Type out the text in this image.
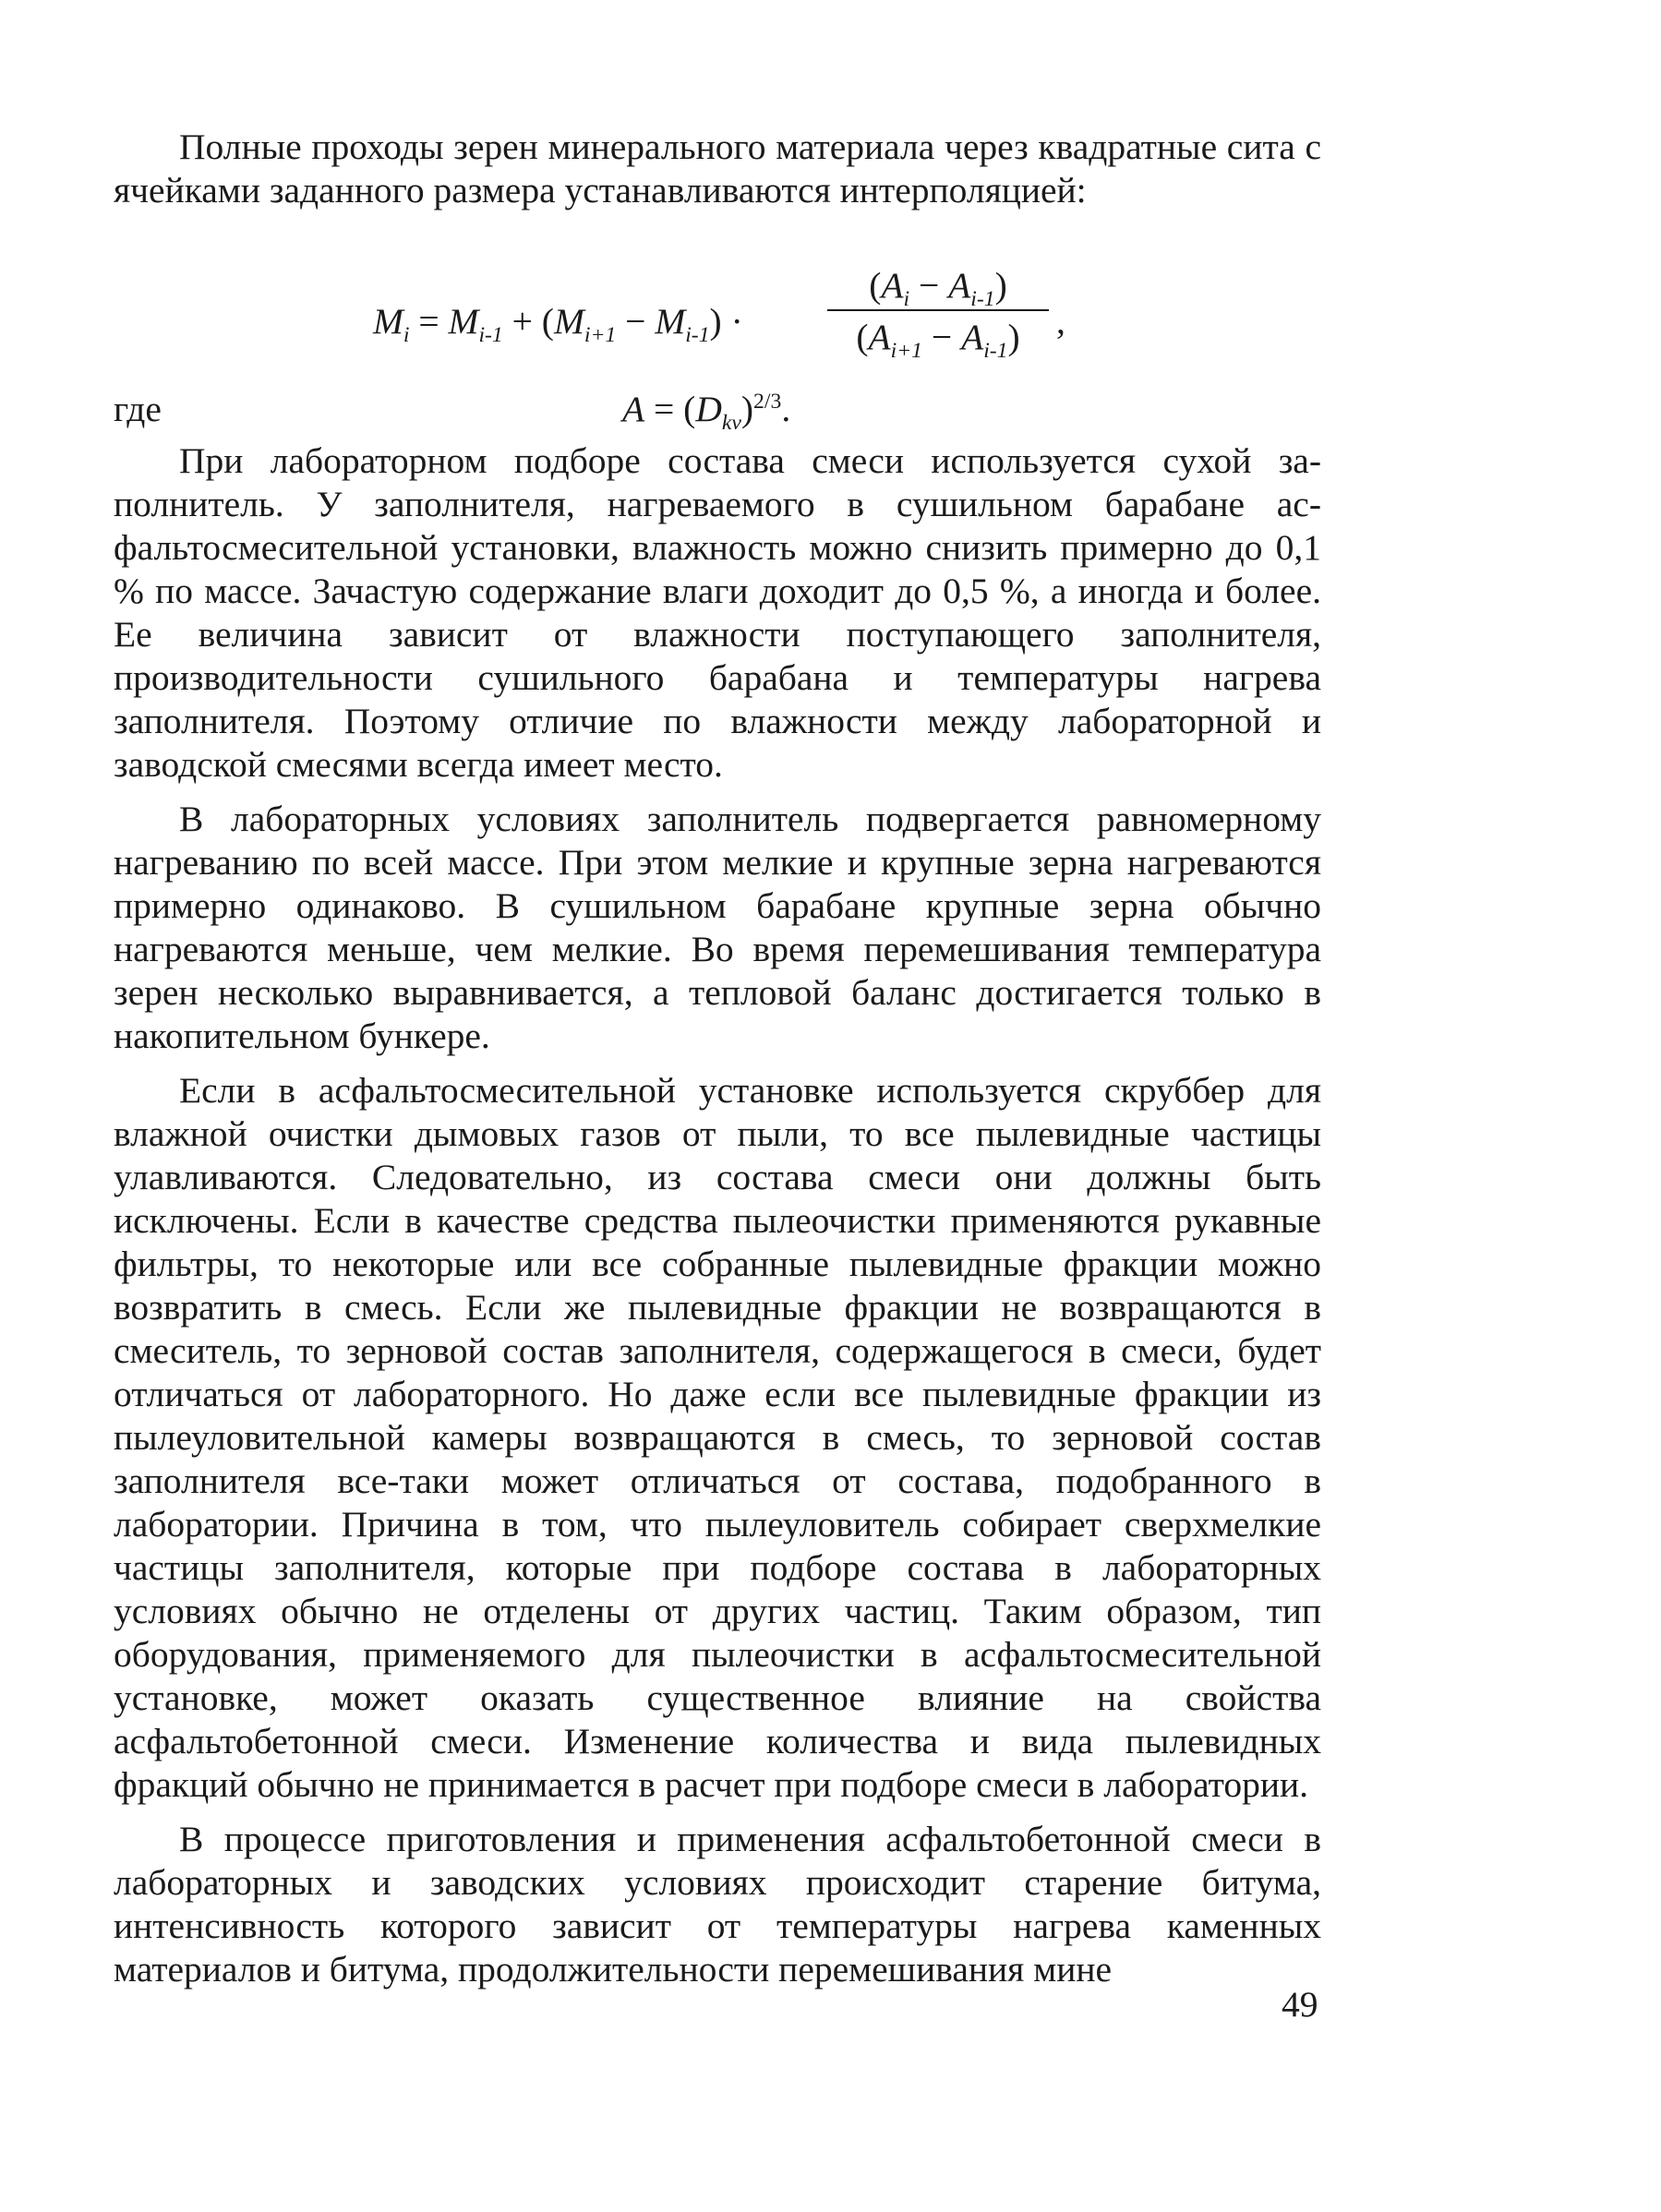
Полные проходы зерен минерального материала через квадратные сита с ячейками заданного размера устанавливаются интерполяцией:

$M_i = M_{i-1} + (M_{i+1} - M_{i-1})$ ·
$(A_i - A_{i-1})$
$(A_{i+1} - A_{i-1})$ ,
где	$A = (D_{kv})^{2/3}$.

При лабораторном подборе состава смеси используется сухой заполнитель. У заполнителя, нагреваемого в сушильном барабане асфальтосмесительной установки, влажность можно снизить примерно до 0,1 % по массе. Зачастую содержание влаги доходит до 0,5 %, а иногда и более. Ее величина зависит от влажности поступающего заполнителя, производительности сушильного барабана и температуры нагрева заполнителя. Поэтому отличие по влажности между лабораторной и заводской смесями всегда имеет место.

В лабораторных условиях заполнитель подвергается равномерному нагреванию по всей массе. При этом мелкие и крупные зерна нагреваются примерно одинаково. В сушильном барабане крупные зерна обычно нагреваются меньше, чем мелкие. Во время перемешивания температура зерен несколько выравнивается, а тепловой баланс достигается только в накопительном бункере.

Если в асфальтосмесительной установке используется скруббер для влажной очистки дымовых газов от пыли, то все пылевидные частицы улавливаются. Следовательно, из состава смеси они должны быть исключены. Если в качестве средства пылеочистки применяются рукавные фильтры, то некоторые или все собранные пылевидные фракции можно возвратить в смесь. Если же пылевидные фракции не возвращаются в смеситель, то зерновой состав заполнителя, содержащегося в смеси, будет отличаться от лабораторного. Но даже если все пылевидные фракции из пылеуловительной камеры возвращаются в смесь, то зерновой состав заполнителя все-таки может отличаться от состава, подобранного в лаборатории. Причина в том, что пылеуловитель собирает сверхмелкие частицы заполнителя, которые при подборе состава в лабораторных условиях обычно не отделены от других частиц. Таким образом, тип оборудования, применяемого для пылеочистки в асфальтосмесительной установке, может оказать существенное влияние на свойства асфальтобетонной смеси. Изменение количества и вида пылевидных фракций обычно не принимается в расчет при подборе смеси в лаборатории.

В процессе приготовления и применения асфальтобетонной смеси в лабораторных и заводских условиях происходит старение битума, интенсивность которого зависит от температуры нагрева каменных материалов и битума, продолжительности перемешивания мине

49
